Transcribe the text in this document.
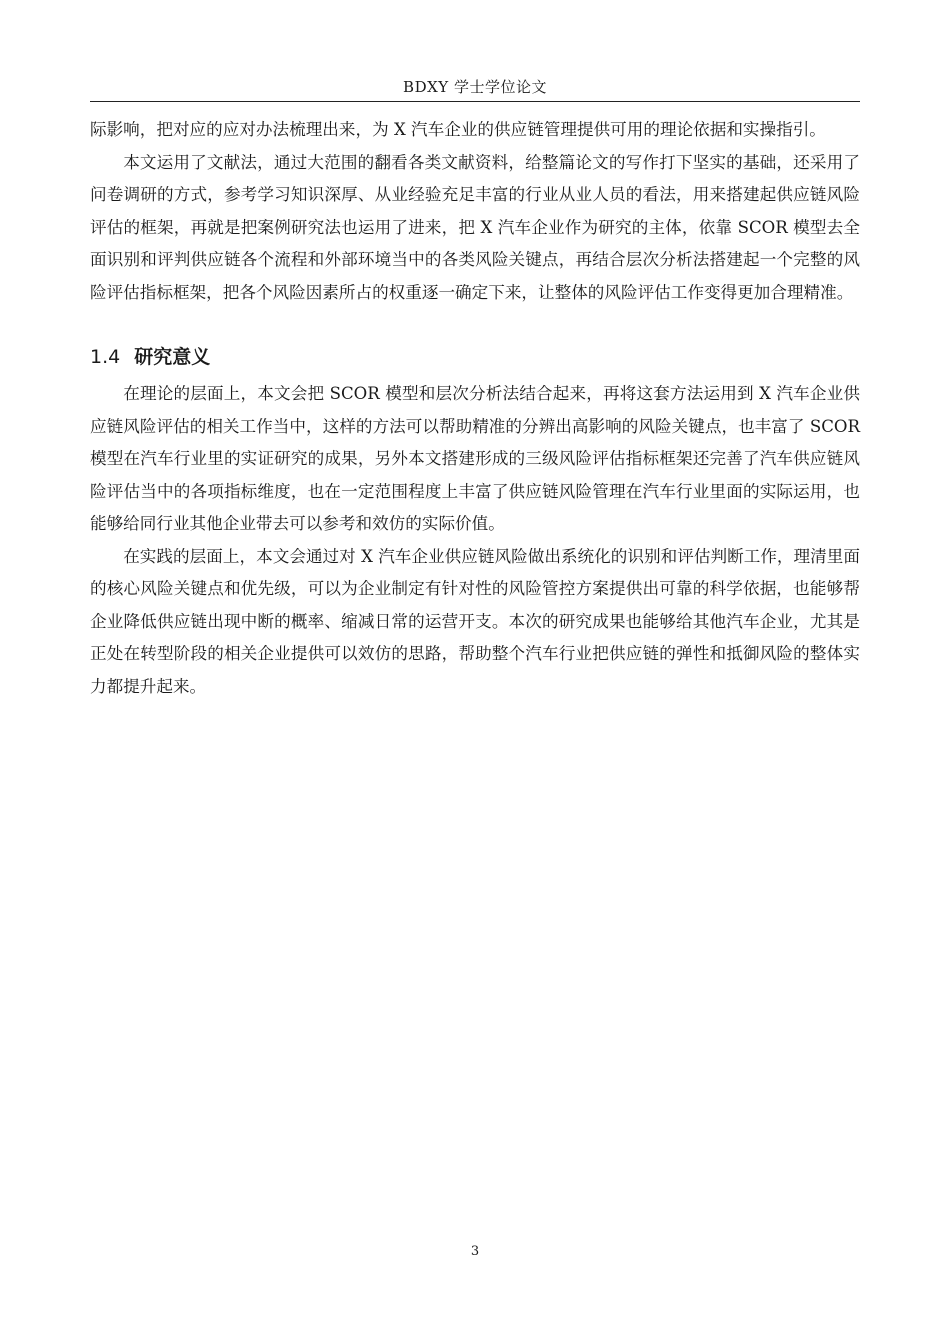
BDXY 学士学位论文

际影响，把对应的应对办法梳理出来，为 X 汽车企业的供应链管理提供可用的理论依据和实操指引。

本文运用了文献法，通过大范围的翻看各类文献资料，给整篇论文的写作打下坚实的基础，还采用了问卷调研的方式，参考学习知识深厚、从业经验充足丰富的行业从业人员的看法，用来搭建起供应链风险评估的框架，再就是把案例研究法也运用了进来，把 X 汽车企业作为研究的主体，依靠 SCOR 模型去全面识别和评判供应链各个流程和外部环境当中的各类风险关键点，再结合层次分析法搭建起一个完整的风险评估指标框架，把各个风险因素所占的权重逐一确定下来，让整体的风险评估工作变得更加合理精准。

1.4 研究意义

在理论的层面上，本文会把 SCOR 模型和层次分析法结合起来，再将这套方法运用到 X 汽车企业供应链风险评估的相关工作当中，这样的方法可以帮助精准的分辨出高影响的风险关键点，也丰富了 SCOR 模型在汽车行业里的实证研究的成果，另外本文搭建形成的三级风险评估指标框架还完善了汽车供应链风险评估当中的各项指标维度，也在一定范围程度上丰富了供应链风险管理在汽车行业里面的实际运用，也能够给同行业其他企业带去可以参考和效仿的实际价值。

在实践的层面上，本文会通过对 X 汽车企业供应链风险做出系统化的识别和评估判断工作，理清里面的核心风险关键点和优先级，可以为企业制定有针对性的风险管控方案提供出可靠的科学依据，也能够帮企业降低供应链出现中断的概率、缩减日常的运营开支。本次的研究成果也能够给其他汽车企业，尤其是正处在转型阶段的相关企业提供可以效仿的思路，帮助整个汽车行业把供应链的弹性和抵御风险的整体实力都提升起来。

3
